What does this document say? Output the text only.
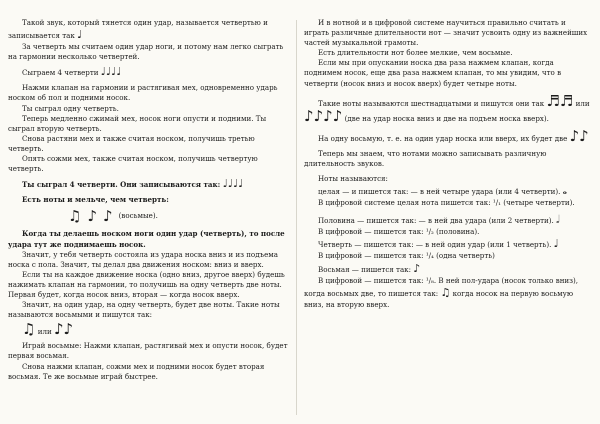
Такой звук, который тянется один удар, называется четвертью и записывается так ♩

За четверть мы считаем один удар ноги, и потому нам легко сыграть на гармонии несколько четвертей.

Сыграем 4 четверти ♩♩♩♩

Нажми клапан на гармонии и растягивая мех, одновременно ударь носком об пол и подними носок.

Ты сыграл одну четверть.

Теперь медленно сжимай мех, носок ноги опусти и подними. Ты сыграл вторую четверть.

Снова растяни мех и также считая носком, получишь третью четверть.

Опять сожми мех, также считая носком, получишь четвертую четверть.

Ты сыграл 4 четверти. Они записываются так: ♩♩♩♩

Есть ноты и мельче, чем четверть:

♫ ♪ ♪ (восьмые).

Когда ты делаешь носком ноги один удар (четверть), то после удара тут же поднимаешь носок.

Значит, у тебя четверть состояла из удара носка вниз и из подъема носка с пола. Значит, ты делал два движения носком: вниз и вверх.

Если ты на каждое движение носка (одно вниз, другое вверх) будешь нажимать клапан на гармонии, то получишь на одну четверть две ноты. Первая будет, когда носок вниз, вторая — когда носок вверх.

Значит, на один удар, на одну четверть, будет две ноты. Такие ноты называются восьмыми и пишутся так:

♫ или ♪♪

Играй восьмые: Нажми клапан, растягивай мех и опусти носок, будет первая восьмая.

Снова нажми клапан, сожми мех и подними носок будет вторая восьмая. Те же восьмые играй быстрее.

И в нотной и в цифровой системе научиться правильно считать и играть различные длительности нот — значит усвоить одну из важнейших частей музыкальной грамоты.

Есть длительности нот более мелкие, чем восьмые.

Если мы при опускании носка два раза нажмем клапан, когда поднимем носок, еще два раза нажмем клапан, то мы увидим, что в четверти (носок вниз и носок вверх) будет четыре ноты.

Такие ноты называются шестнадцатыми и пишутся они так ♬♬ или ♪♪♪♪ (две на удар носка вниз и две на подъем носка вверх).

На одну восьмую, т. е. на один удар носка или вверх, их будет две ♪♪

Теперь мы знаем, что нотами можно записывать различную длительность звуков.

Ноты называются:

целая — и пишется так: — в ней четыре удара (или 4 четверти). 𝅝

В цифровой системе целая нота пишется так: ¹/₁ (четыре четверти).

Половина — пишется так: — в ней два удара (или 2 четверти). 𝅗𝅥

В цифровой — пишется так: ¹/₂ (половина).

Четверть — пишется так: — в ней один удар (или 1 четверть). ♩

В цифровой — пишется так: ¹/₄ (одна четверть)

Восьмая — пишется так: ♪

В цифровой — пишется так: ¹/₈. В ней пол-удара (носок только вниз), когда восьмых две, то пишется так: ♫ когда носок на первую восьмую вниз, на вторую вверх.
